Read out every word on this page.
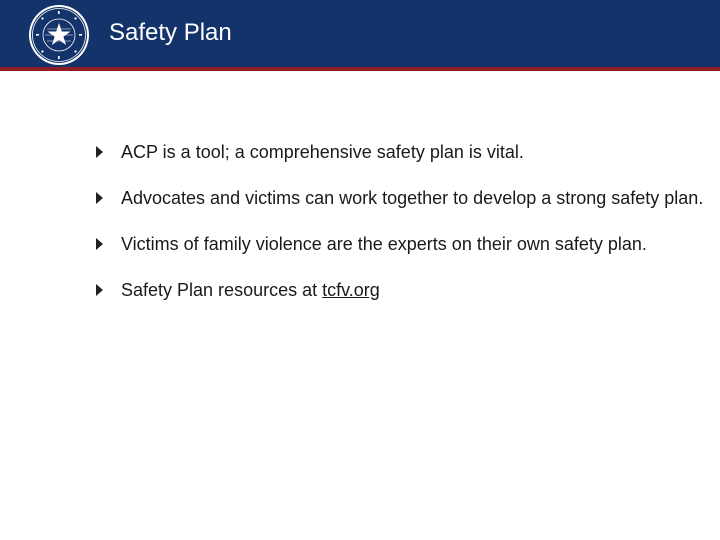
Safety Plan
ACP is a tool; a comprehensive safety plan is vital.
Advocates and victims can work together to develop a strong safety plan.
Victims of family violence are the experts on their own safety plan.
Safety Plan resources at tcfv.org
